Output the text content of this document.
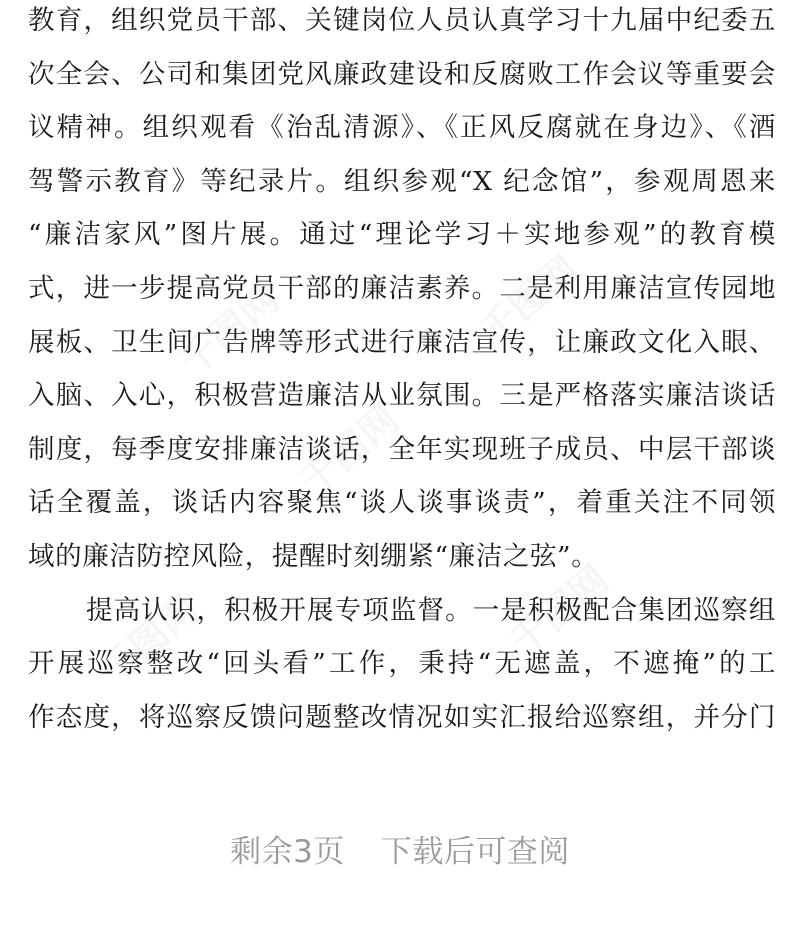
千图网	千图网
千图网
千图网	千图网
教育，组织党员干部、关键岗位人员认真学习十九届中纪委五
次全会、公司和集团党风廉政建设和反腐败工作会议等重要会
议精神。组织观看《治乱清源》、《正风反腐就在身边》、《酒
驾警示教育》等纪录片。组织参观“X 纪念馆”，参观周恩来
“廉洁家风”图片展。通过“理论学习＋实地参观”的教育模
式，进一步提高党员干部的廉洁素养。二是利用廉洁宣传园地
展板、卫生间广告牌等形式进行廉洁宣传，让廉政文化入眼、
入脑、入心，积极营造廉洁从业氛围。三是严格落实廉洁谈话
制度，每季度安排廉洁谈话，全年实现班子成员、中层干部谈
话全覆盖，谈话内容聚焦“谈人谈事谈责”，着重关注不同领
域的廉洁防控风险，提醒时刻绷紧“廉洁之弦”。
提高认识，积极开展专项监督。一是积极配合集团巡察组
开展巡察整改“回头看”工作，秉持“无遮盖，不遮掩”的工
作态度，将巡察反馈问题整改情况如实汇报给巡察组，并分门
剩余3页 下载后可查阅
